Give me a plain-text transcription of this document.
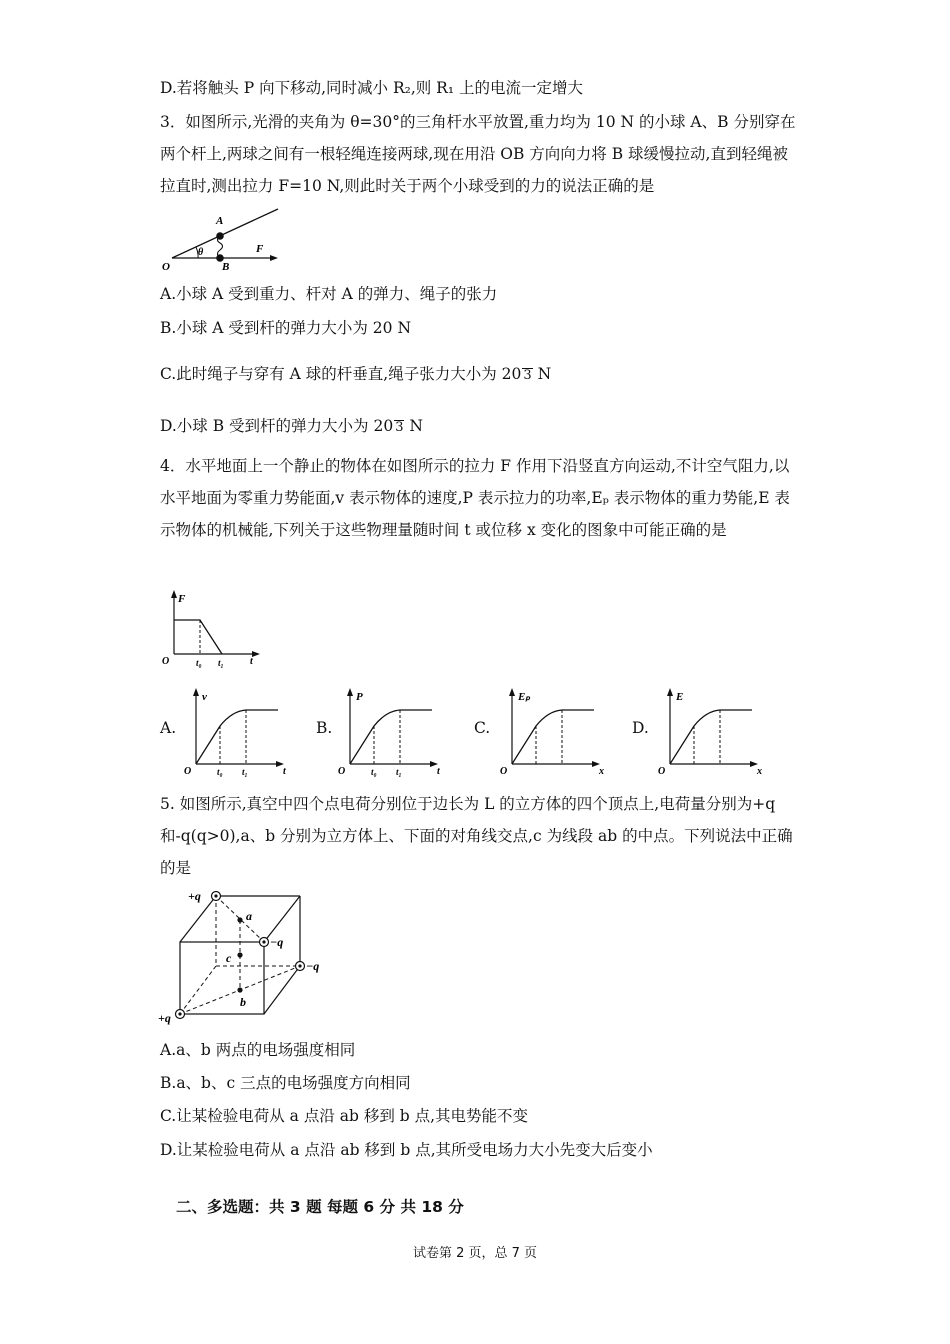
D.若将触头 P 向下移动,同时减小 R₂,则 R₁ 上的电流一定增大
3．如图所示,光滑的夹角为 θ=30°的三角杆水平放置,重力均为 10 N 的小球 A、B 分别穿在两个杆上,两球之间有一根轻绳连接两球,现在用沿 OB 方向向力将 B 球缓慢拉动,直到轻绳被拉直时,测出拉力 F=10 N,则此时关于两个小球受到的力的说法正确的是
O
A
B
θ	F
A.小球 A 受到重力、杆对 A 的弹力、绳子的张力
B.小球 A 受到杆的弹力大小为 20 N
C.此时绳子与穿有 A 球的杆垂直,绳子张力大小为 20 3 N
D.小球 B 受到杆的弹力大小为 20 3 N
4．水平地面上一个静止的物体在如图所示的拉力 F 作用下沿竖直方向运动,不计空气阻力,以水平地面为零重力势能面,v 表示物体的速度,P 表示拉力的功率,Eₚ 表示物体的重力势能,E 表示物体的机械能,下列关于这些物理量随时间 t 或位移 x 变化的图象中可能正确的是
F
O	t₀ t₁	t
A.
v
O	t₀ t₁	t
B.
P
O	t₀ t₁	t
C.
Eₚ
O	x
D.
E
O	x
5. 如图所示,真空中四个点电荷分别位于边长为 L 的立方体的四个顶点上,电荷量分别为+q 和-q(q>0),a、b 分别为立方体上、下面的对角线交点,c 为线段 ab 的中点。下列说法中正确的是
+q
−q
−q
+q
a
c
b
A.a、b 两点的电场强度相同
B.a、b、c 三点的电场强度方向相同
C.让某检验电荷从 a 点沿 ab 移到 b 点,其电势能不变
D.让某检验电荷从 a 点沿 ab 移到 b 点,其所受电场力大小先变大后变小
二、多选题：共 3 题 每题 6 分 共 18 分
试卷第 2 页，总 7 页
